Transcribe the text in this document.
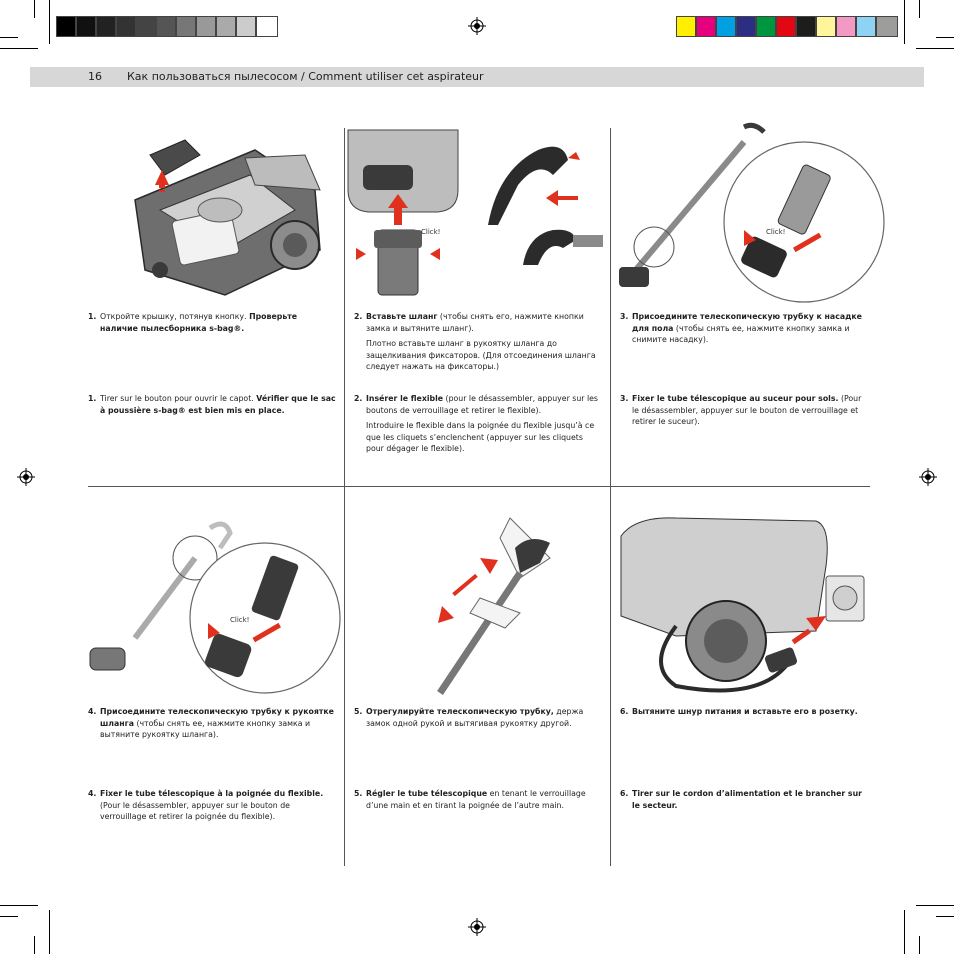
16 Как пользоваться пылесосом / Comment utiliser cet aspirateur
Click!	Click!
Click!
1. Откройте крышку, потянув кнопку. Проверьте наличие пылесборника s-bag®.
1. Tirer sur le bouton pour ouvrir le capot. Vérifier que le sac à poussière s-bag® est bien mis en place.
2. Вставьте шланг (чтобы снять его, нажмите кнопки замка и вытяните шланг).

Плотно вставьте шланг в рукоятку шланга до защелкивания фиксаторов. (Для отсоединения шланга следует нажать на фиксаторы.)

2. Insérer le flexible (pour le désassembler, appuyer sur les boutons de verrouillage et retirer le flexible).

Introduire le flexible dans la poignée du flexible jusqu’à ce que les cliquets s’enclenchent (appuyer sur les cliquets pour dégager le flexible).

3. Присоедините телескопическую трубку к насадке для пола (чтобы снять ее, нажмите кнопку замка и снимите насадку).
3. Fixer le tube télescopique au suceur pour sols. (Pour le désassembler, appuyer sur le bouton de verrouillage et retirer le suceur).
4. Присоедините телескопическую трубку к рукоятке шланга (чтобы снять ее, нажмите кнопку замка и вытяните рукоятку шланга).
4. Fixer le tube télescopique à la poignée du flexible. (Pour le désassembler, appuyer sur le bouton de verrouillage et retirer la poignée du flexible).
5. Отрегулируйте телескопическую трубку, держа замок одной рукой и вытягивая рукоятку другой.
5. Régler le tube télescopique en tenant le verrouillage d’une main et en tirant la poignée de l’autre main.
6. Вытяните шнур питания и вставьте его в розетку.
6. Tirer sur le cordon d’alimentation et le brancher sur le secteur.
